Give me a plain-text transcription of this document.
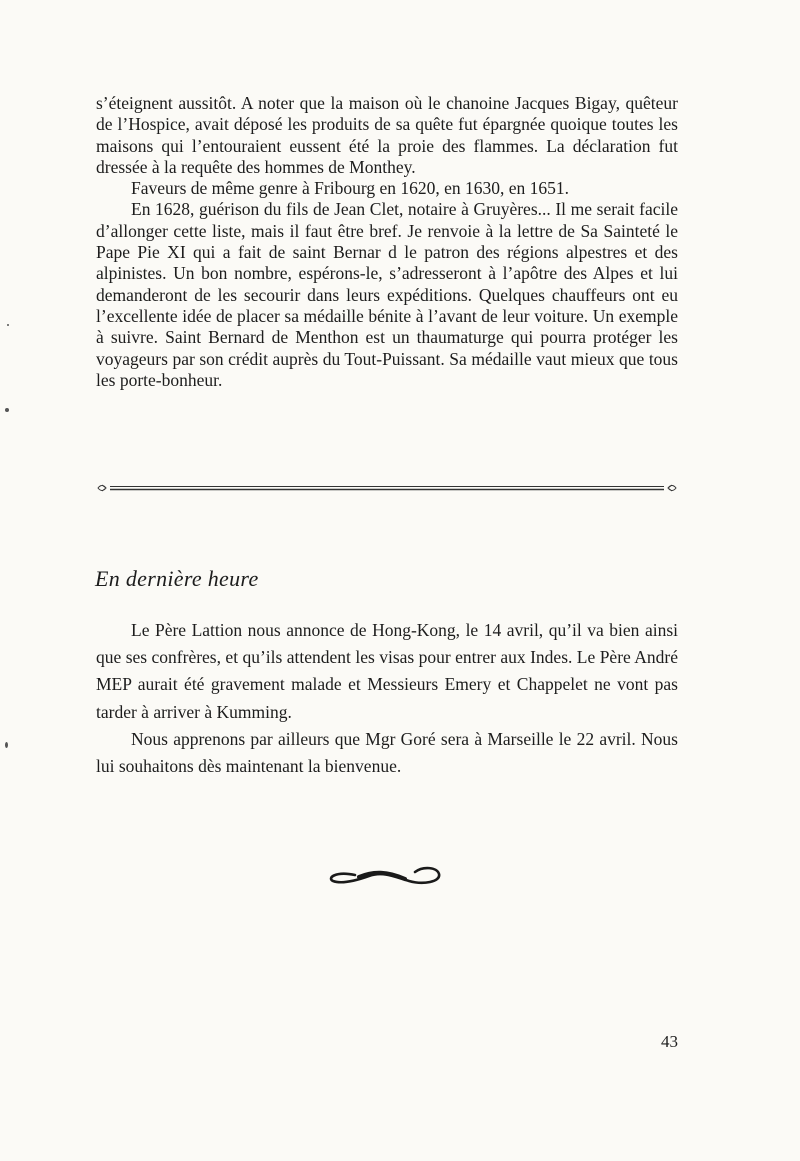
s’éteignent aussitôt. A noter que la maison où le chanoine Jacques Bigay, quêteur de l’Hospice, avait déposé les produits de sa quête fut épargnée quoique toutes les maisons qui l’entouraient eussent été la proie des flammes. La déclaration fut dressée à la requête des hommes de Monthey.

Faveurs de même genre à Fribourg en 1620, en 1630, en 1651.

En 1628, guérison du fils de Jean Clet, notaire à Gruyères... Il me serait facile d’allonger cette liste, mais il faut être bref. Je renvoie à la lettre de Sa Sainteté le Pape Pie XI qui a fait de saint Bernar d le patron des régions alpestres et des alpinistes. Un bon nombre, espérons-le, s’adresseront à l’apôtre des Alpes et lui demanderont de les secourir dans leurs expéditions. Quelques chauffeurs ont eu l’excellente idée de placer sa médaille bénite à l’avant de leur voiture. Un exemple à suivre. Saint Bernard de Menthon est un thaumaturge qui pourra protéger les voyageurs par son crédit auprès du Tout-Puissant. Sa médaille vaut mieux que tous les porte-bonheur.

En dernière heure

Le Père Lattion nous annonce de Hong-Kong, le 14 avril, qu’il va bien ainsi que ses confrères, et qu’ils attendent les visas pour entrer aux Indes. Le Père André MEP aurait été gravement malade et Messieurs Emery et Chappelet ne vont pas tarder à arriver à Kumming.

Nous apprenons par ailleurs que Mgr Goré sera à Marseille le 22 avril. Nous lui souhaitons dès maintenant la bienvenue.

43
